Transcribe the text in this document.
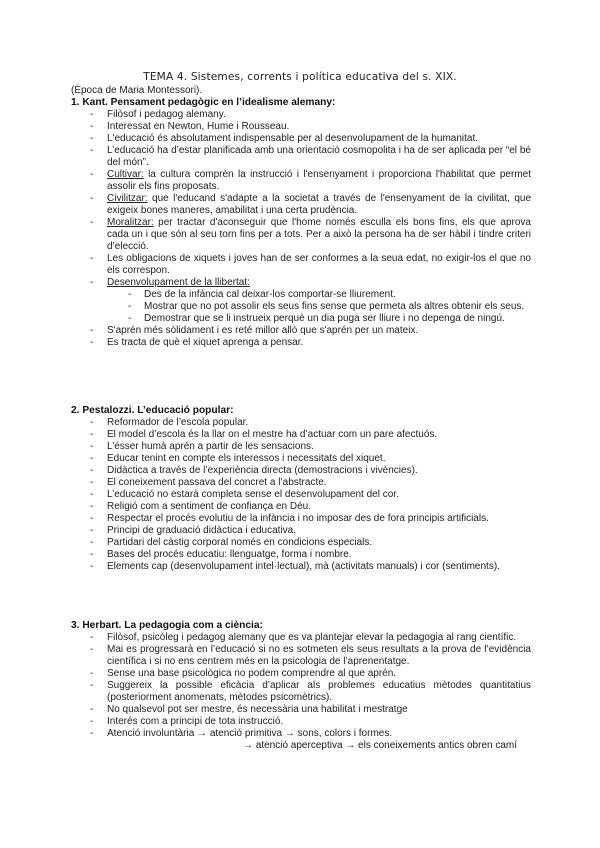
TEMA 4. Sistemes, corrents i política educativa del s. XIX.
(Època de Maria Montessori).
1. Kant. Pensament pedagògic en l’idealisme alemany:
- Filòsof i pedagog alemany.
- Interessat en Newton, Hume i Rousseau.
- L'educació és absolutament indispensable per al desenvolupament de la humanitat.
- L’educació ha d’estar planificada amb una orientació cosmopolita i ha de ser aplicada per “el bé del món”.
- Cultivar: la cultura comprèn la instrucció i l'ensenyament i proporciona l'habilitat que permet assolir els fins proposats.
- Civilitzar: que l'educand s'adapte a la societat a través de l'ensenyament de la civilitat, que exigeix bones maneres, amabilitat i una certa prudència.
- Moralitzar: per tractar d'aconseguir que l'home només esculla els bons fins, els que aprova cada un i que són al seu torn fins per a tots. Per a això la persona ha de ser hàbil i tindre criteri d’elecció.
- Les obligacions de xiquets i joves han de ser conformes a la seua edat, no exigir-los el que no els correspon.
- Desenvolupament de la llibertat:
- Des de la infància cal deixar-los comportar-se lliurement.
- Mostrar que no pot assolir els seus fins sense que permeta als altres obtenir els seus.
- Demostrar que se li instrueix perquè un dia puga ser lliure i no depenga de ningú.
- S'aprén més sòlidament i es reté millor allò que s'aprén per un mateix.
- Es tracta de què el xiquet aprenga a pensar.
2. Pestalozzi. L’educació popular:
- Reformador de l’escola popular.
- El model d’escola és la llar on el mestre ha d’actuar com un pare afectuós.
- L’ésser humà aprén a partir de les sensacions.
- Educar tenint en compte els interessos i necessitats del xiquet.
- Didàctica a través de l’experiència directa (demostracions i vivències).
- El coneixement passava del concret a l’abstracte.
- L’educació no estarà completa sense el desenvolupament del cor.
- Religió com a sentiment de confiança en Déu.
- Respectar el procés evolutiu de la infància i no imposar des de fora principis artificials.
- Principi de graduació didàctica i educativa.
- Partidari del càstig corporal només en condicions especials.
- Bases del procés educatiu: llenguatge, forma i nombre.
- Elements cap (desenvolupament intel·lectual), mà (activitats manuals) i cor (sentiments).
3. Herbart. La pedagogia com a ciència:
- Filòsof, psicòleg i pedagog alemany que es va plantejar elevar la pedagogia al rang científic.
- Mai es progressarà en l’educació si no es sotmeten els seus resultats a la prova de l’evidència científica i si no ens centrem més en la psicologia de l’aprenentatge.
- Sense una base psicològica no podem comprendre al que aprén.
- Suggereix la possible eficàcia d’aplicar als problemes educatius mètodes quantitatius (posteriorment anomenats, mètodes psicomètrics).
- No qualsevol pot ser mestre, és necessària una habilitat i mestratge
- Interés com a principi de tota instrucció.
- Atenció involuntària → atenció primitiva → sons, colors i formes.
→ atenció aperceptiva → els coneixements antics obren camí
